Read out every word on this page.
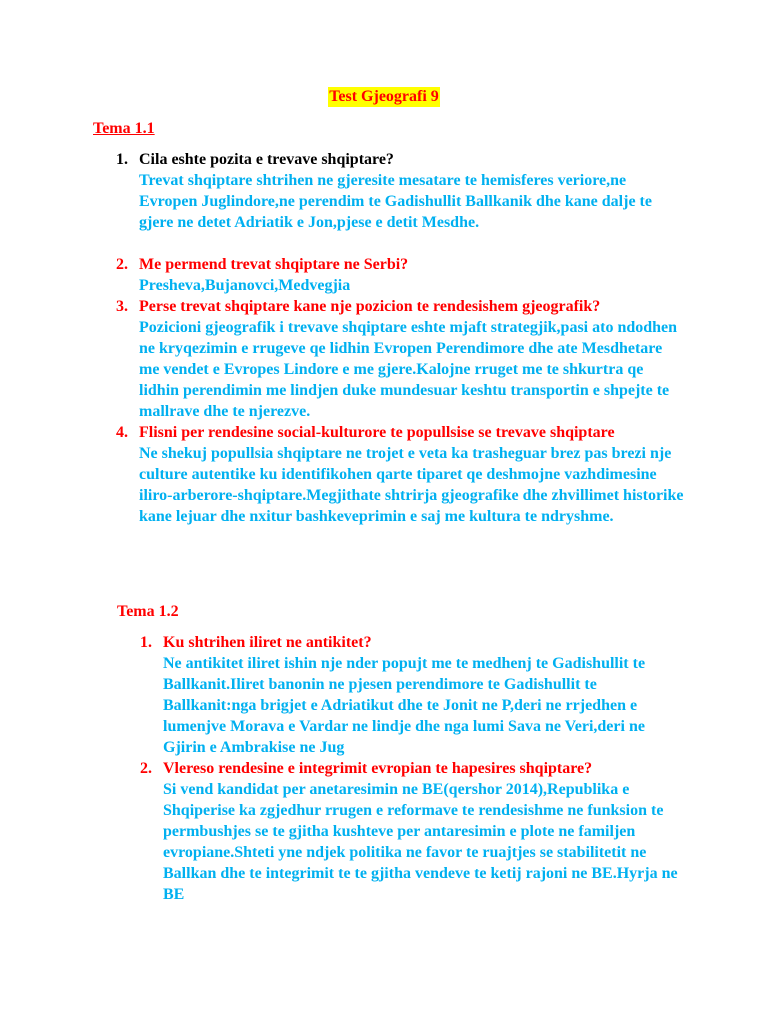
Test Gjeografi 9
Tema 1.1
1. Cila eshte pozita e trevave shqiptare?
Trevat shqiptare shtrihen ne gjeresite mesatare te hemisferes veriore,ne Evropen Juglindore,ne perendim te Gadishullit Ballkanik dhe kane dalje te gjere ne detet Adriatik e Jon,pjese e detit Mesdhe.
2. Me permend trevat shqiptare ne Serbi?
Presheva,Bujanovci,Medvegjia
3. Perse trevat shqiptare kane nje pozicion te rendesishem gjeografik?
Pozicioni gjeografik i trevave shqiptare eshte mjaft strategjik,pasi ato ndodhen ne kryqezimin e rrugeve qe lidhin Evropen Perendimore dhe ate Mesdhetare me vendet e Evropes Lindore e me gjere.Kalojne rruget me te shkurtra qe lidhin perendimin me lindjen duke mundesuar keshtu transportin e shpejte te mallrave dhe te njerezve.
4. Flisni per rendesine social-kulturore te popullsise se trevave shqiptare
Ne shekuj popullsia shqiptare ne trojet e veta ka trasheguar brez pas brezi nje culture autentike ku identifikohen qarte tiparet qe deshmojne vazhdimesine iliro-arberore-shqiptare.Megjithate shtrirja gjeografike dhe zhvillimet historike kane lejuar dhe nxitur bashkeveprimin e saj me kultura te ndryshme.
Tema 1.2
1. Ku shtrihen iliret ne antikitet?
Ne antikitet iliret ishin nje nder popujt me te medhenj te Gadishullit te Ballkanit.Iliret banonin ne pjesen perendimore te Gadishullit te Ballkanit:nga brigjet e Adriatikut dhe te Jonit ne P,deri ne rrjedhen e lumenjve Morava e Vardar ne lindje dhe nga lumi Sava ne Veri,deri ne Gjirin e Ambrakise ne Jug
2. Vlereso rendesine e integrimit evropian te hapesires shqiptare?
Si vend kandidat per anetaresimin ne BE(qershor 2014),Republika e Shqiperise ka zgjedhur rrugen e reformave te rendesishme ne funksion te permbushjes se te gjitha kushteve per antaresimin e plote ne familjen evropiane.Shteti yne ndjek politika ne favor te ruajtjes se stabilitetit ne Ballkan dhe te integrimit te te gjitha vendeve te ketij rajoni ne BE.Hyrja ne BE
